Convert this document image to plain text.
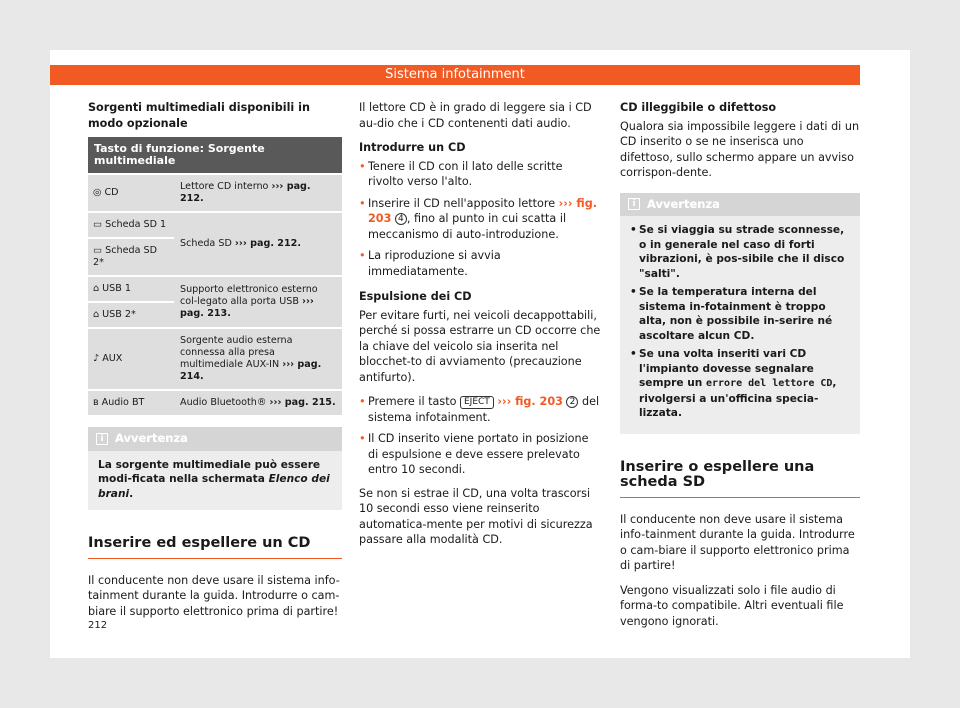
Sistema infotainment
Sorgenti multimediali disponibili in modo opzionale
Tasto di funzione: Sorgente multimediale	
◎ CD	Lettore CD interno ››› pag. 212.
▭ Scheda SD 1	Scheda SD ››› pag. 212.
▭ Scheda SD 2*	
⌂ USB 1	Supporto elettronico esterno col-legato alla porta USB ››› pag. 213.
⌂ USB 2*	
♪ AUX	Sorgente audio esterna connessa alla presa multimediale AUX-IN ››› pag. 214.
ʙ Audio BT	Audio Bluetooth® ››› pag. 215.
i Avvertenza
La sorgente multimediale può essere modi-ficata nella schermata Elenco dei brani.
Inserire ed espellere un CD

Il conducente non deve usare il sistema info-tainment durante la guida. Introdurre o cam-biare il supporto elettronico prima di partire!

Il lettore CD è in grado di leggere sia i CD au-dio che i CD contenenti dati audio.

Introdurre un CD
• Tenere il CD con il lato delle scritte rivolto verso l'alto.
• Inserire il CD nell'apposito lettore ››› fig. 203 4 , fino al punto in cui scatta il meccanismo di auto-introduzione.
• La riproduzione si avvia immediatamente.
Espulsione dei CD

Per evitare furti, nei veicoli decappottabili, perché si possa estrarre un CD occorre che la chiave del veicolo sia inserita nel blocchet-to di avviamento (precauzione antifurto).

• Premere il tasto EJECT ››› fig. 203 2 del sistema infotainment.
• Il CD inserito viene portato in posizione di espulsione e deve essere prelevato entro 10 secondi.

Se non si estrae il CD, una volta trascorsi 10 secondi esso viene reinserito automatica-mente per motivi di sicurezza passare alla modalità CD.

CD illeggibile o difettoso

Qualora sia impossibile leggere i dati di un CD inserito o se ne inserisca uno difettoso, sullo schermo appare un avviso corrispon-dente.

i Avvertenza
• Se si viaggia su strade sconnesse, o in generale nel caso di forti vibrazioni, è pos-sibile che il disco "salti".
• Se la temperatura interna del sistema in-fotainment è troppo alta, non è possibile in-serire né ascoltare alcun CD.
• Se una volta inseriti vari CD l'impianto dovesse segnalare sempre un errore del lettore CD, rivolgersi a un'officina specia-lizzata.
Inserire o espellere una scheda SD

Il conducente non deve usare il sistema info-tainment durante la guida. Introdurre o cam-biare il supporto elettronico prima di partire!

Vengono visualizzati solo i file audio di forma-to compatibile. Altri eventuali file vengono ignorati.

212
